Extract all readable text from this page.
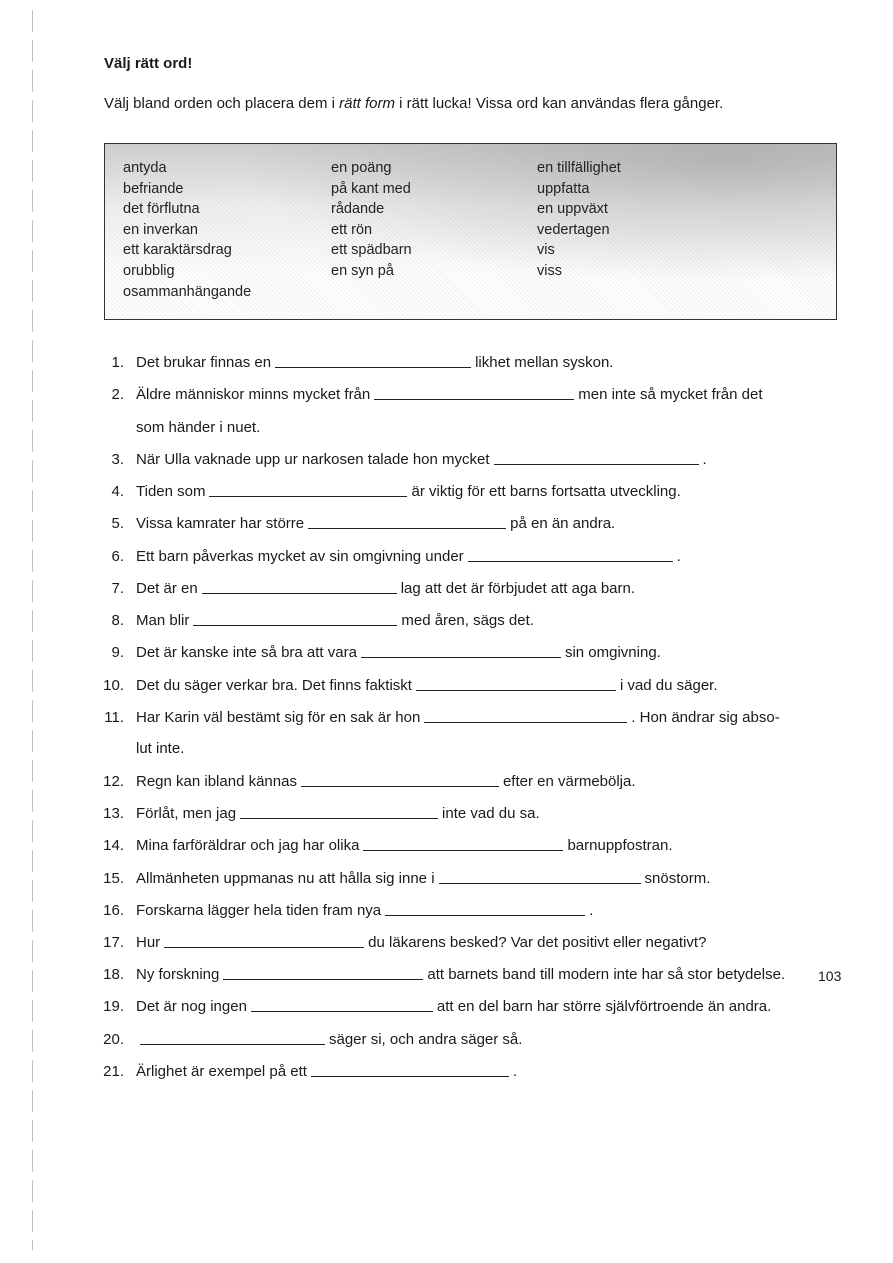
Välj rätt ord!
Välj bland orden och placera dem i rätt form i rätt lucka! Vissa ord kan användas flera gånger.
antyda
befriande
det förflutna
en inverkan
ett karaktärsdrag
orubblig
osammanhängande
en poäng
på kant med
rådande
ett rön
ett spädbarn
en syn på
en tillfällighet
uppfatta
en uppväxt
vedertagen
vis
viss
1. Det brukar finnas en	likhet mellan syskon.
2. Äldre människor minns mycket från	men inte så mycket från det
som händer i nuet.
3. När Ulla vaknade upp ur narkosen talade hon mycket	.
4. Tiden som	är viktig för ett barns fortsatta utveckling.
5. Vissa kamrater har större	på en än andra.
6. Ett barn påverkas mycket av sin omgivning under	.
7. Det är en	lag att det är förbjudet att aga barn.
8. Man blir	med åren, sägs det.
9. Det är kanske inte så bra att vara	sin omgivning.
10. Det du säger verkar bra. Det finns faktiskt	i vad du säger.
11. Har Karin väl bestämt sig för en sak är hon	. Hon ändrar sig abso-
lut inte.
12. Regn kan ibland kännas	efter en värmebölja.
13. Förlåt, men jag	inte vad du sa.
14. Mina farföräldrar och jag har olika	barnuppfostran.
15. Allmänheten uppmanas nu att hålla sig inne i	snöstorm.
16. Forskarna lägger hela tiden fram nya	.
17. Hur	du läkarens besked? Var det positivt eller negativt?
18. Ny forskning	att barnets band till modern inte har så stor betydelse.
19. Det är nog ingen	att en del barn har större självförtroende än andra.
20.	säger si, och andra säger så.
21. Ärlighet är exempel på ett	.
103
